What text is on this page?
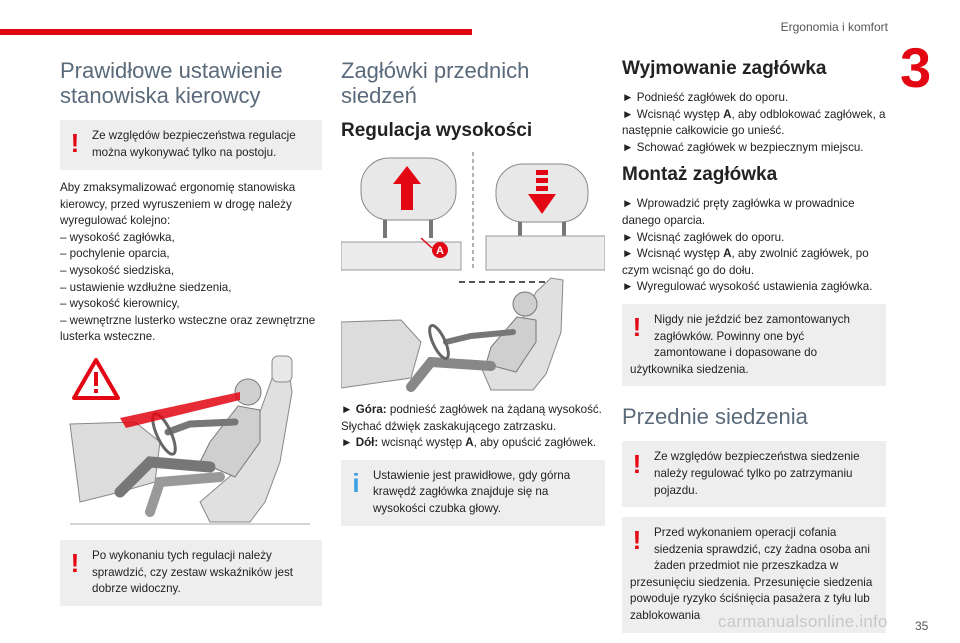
Ergonomia i komfort
3
Prawidłowe ustawienie stanowiska kierowcy
!	Ze względów bezpieczeństwa regulacje można wykonywać tylko na postoju.

Aby zmaksymalizować ergonomię stanowiska kierowcy, przed wyruszeniem w drogę należy wyregulować kolejno:

– wysokość zagłówka,
– pochylenie oparcia,
– wysokość siedziska,
– ustawienie wzdłużne siedzenia,
– wysokość kierownicy,
– wewnętrzne lusterko wsteczne oraz zewnętrzne lusterka wsteczne.
!	Po wykonaniu tych regulacji należy sprawdzić, czy zestaw wskaźników jest dobrze widoczny.
Zagłówki przednich siedzeń
Regulacja wysokości
A

► Góra: podnieść zagłówek na żądaną wysokość. Słychać dźwięk zaskakującego zatrzasku.
► Dół: wcisnąć występ A, aby opuścić zagłówek.

i	Ustawienie jest prawidłowe, gdy górna krawędź zagłówka znajduje się na wysokości czubka głowy.
Wyjmowanie zagłówka

► Podnieść zagłówek do oporu.
► Wcisnąć występ A, aby odblokować zagłówek, a następnie całkowicie go unieść.
► Schować zagłówek w bezpiecznym miejscu.

Montaż zagłówka

► Wprowadzić pręty zagłówka w prowadnice danego oparcia.
► Wcisnąć zagłówek do oporu.
► Wcisnąć występ A, aby zwolnić zagłówek, po czym wcisnąć go do dołu.
► Wyregulować wysokość ustawienia zagłówka.

!	Nigdy nie jeździć bez zamontowanych zagłówków. Powinny one być zamontowane i dopasowane do użytkownika siedzenia.
Przednie siedzenia
!	Ze względów bezpieczeństwa siedzenie należy regulować tylko po zatrzymaniu pojazdu.
!	Przed wykonaniem operacji cofania siedzenia sprawdzić, czy żadna osoba ani żaden przedmiot nie przeszkadza w przesunięciu siedzenia. Przesunięcie siedzenia powoduje ryzyko ściśnięcia pasażera z tyłu lub zablokowania	carmanualsonline.info 35
